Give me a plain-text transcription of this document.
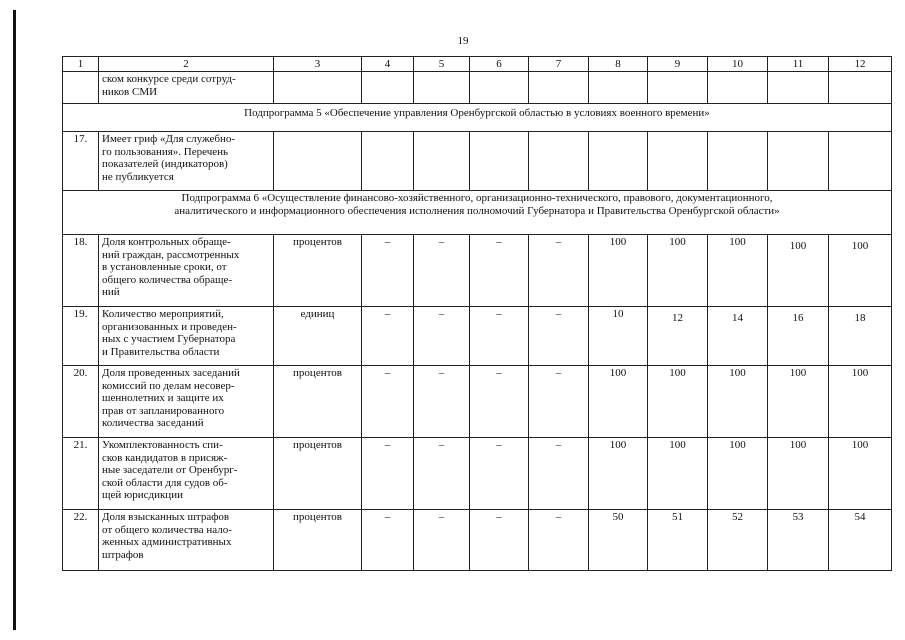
19
1	2	3	4	5	6	7	8	9	10	11	12
	ском конкурсе среди сотруд-
ников СМИ										
Подпрограмма 5 «Обеспечение управления Оренбургской областью в условиях военного времени»											
17.	Имеет гриф «Для служебно-
го пользования». Перечень
показателей (индикаторов)
не публикуется										

Подпрограмма 6 «Осуществление финансово-хозяйственного, организационно-технического, правового, документационного,
аналитического и информационного обеспечения исполнения полномочий Губернатора и Правительства Оренбургской области»											

18.	Доля контрольных обраще-
ний граждан, рассмотренных
в установленные сроки, от
общего количества обраще-
ний	процентов	–	–	–	–	100	100	100	100	100
19.	Количество мероприятий,
организованных и проведен-
ных с участием Губернатора
и Правительства области	единиц	–	–	–	–	10	12	14	16	18
20.	Доля проведенных заседаний
комиссий по делам несовер-
шеннолетних и защите их
прав от запланированного
количества заседаний	процентов	–	–	–	–	100	100	100	100	100
21.	Укомплектованность спи-
сков кандидатов в присяж-
ные заседатели от Оренбург-
ской области для судов об-
щей юрисдикции	процентов	–	–	–	–	100	100	100	100	100
22.	Доля взысканных штрафов
от общего количества нало-
женных административных
штрафов	процентов	–	–	–	–	50	51	52	53	54
